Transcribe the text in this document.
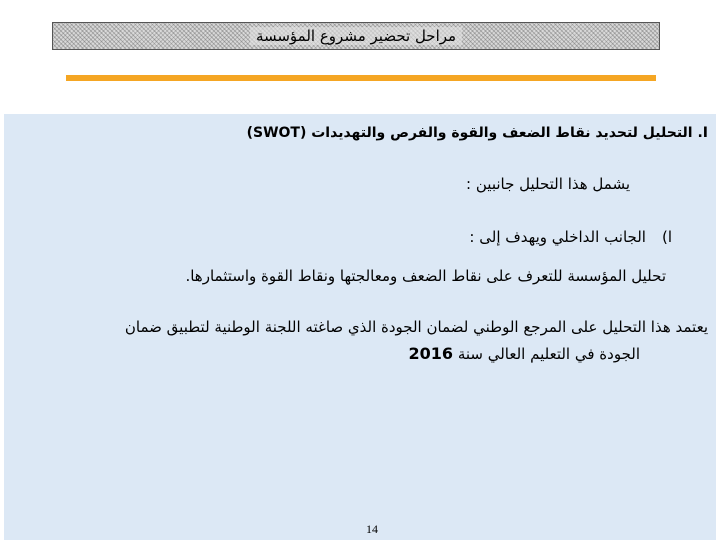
مراحل تحضير مشروع المؤسسة
I. التحليل لتحديد نقاط الضعف والقوة والفرص والتهديدات (SWOT)
يشمل هذا التحليل جانبين :
ا)الجانب الداخلي ويهدف إلى :
تحليل المؤسسة للتعرف على نقاط الضعف ومعالجتها ونقاط القوة واستثمارها.
يعتمد هذا التحليل على المرجع الوطني لضمان الجودة الذي صاغته اللجنة الوطنية لتطبيق ضمان
الجودة في التعليم العالي سنة 2016
14
